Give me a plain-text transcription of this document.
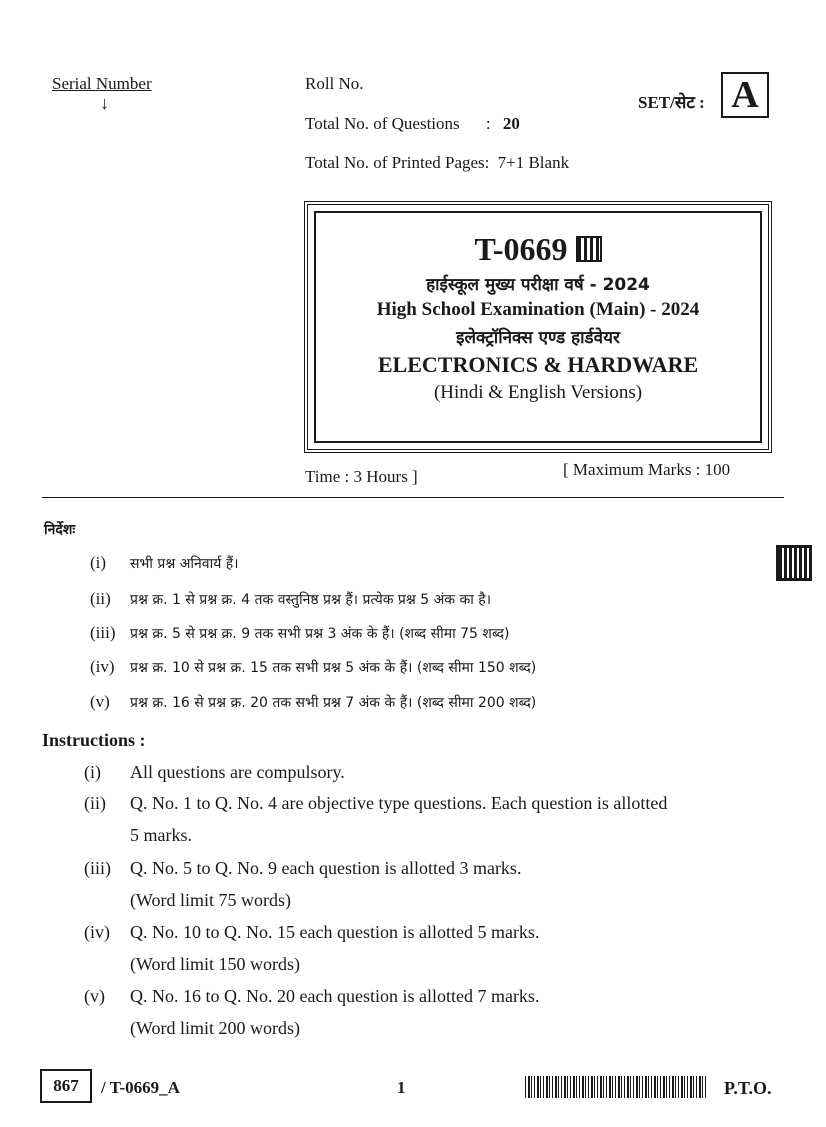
Serial Number
↓
Roll No.
Total No. of Questions : 20
Total No. of Printed Pages: 7+1 Blank
SET/सेट : A
T-0669
हाईस्कूल मुख्य परीक्षा वर्ष - 2024
High School Examination (Main) - 2024
इलेक्ट्रॉनिक्स एण्ड हार्डवेयर
ELECTRONICS & HARDWARE
(Hindi & English Versions)
Time : 3 Hours ]	[ Maximum Marks : 100
निर्देशः
(i) सभी प्रश्न अनिवार्य हैं।
(ii) प्रश्न क्र. 1 से प्रश्न क्र. 4 तक वस्तुनिष्ठ प्रश्न हैं। प्रत्येक प्रश्न 5 अंक का है।
(iii) प्रश्न क्र. 5 से प्रश्न क्र. 9 तक सभी प्रश्न 3 अंक के हैं। (शब्द सीमा 75 शब्द)
(iv) प्रश्न क्र. 10 से प्रश्न क्र. 15 तक सभी प्रश्न 5 अंक के हैं। (शब्द सीमा 150 शब्द)
(v) प्रश्न क्र. 16 से प्रश्न क्र. 20 तक सभी प्रश्न 7 अंक के हैं। (शब्द सीमा 200 शब्द)
Instructions :
(i) All questions are compulsory.
(ii) Q. No. 1 to Q. No. 4 are objective type questions. Each question is allotted
5 marks.
(iii) Q. No. 5 to Q. No. 9 each question is allotted 3 marks.
(Word limit 75 words)
(iv) Q. No. 10 to Q. No. 15 each question is allotted 5 marks.
(Word limit 150 words)
(v) Q. No. 16 to Q. No. 20 each question is allotted 7 marks.
(Word limit 200 words)
867	/ T-0669_A	1	P.T.O.
